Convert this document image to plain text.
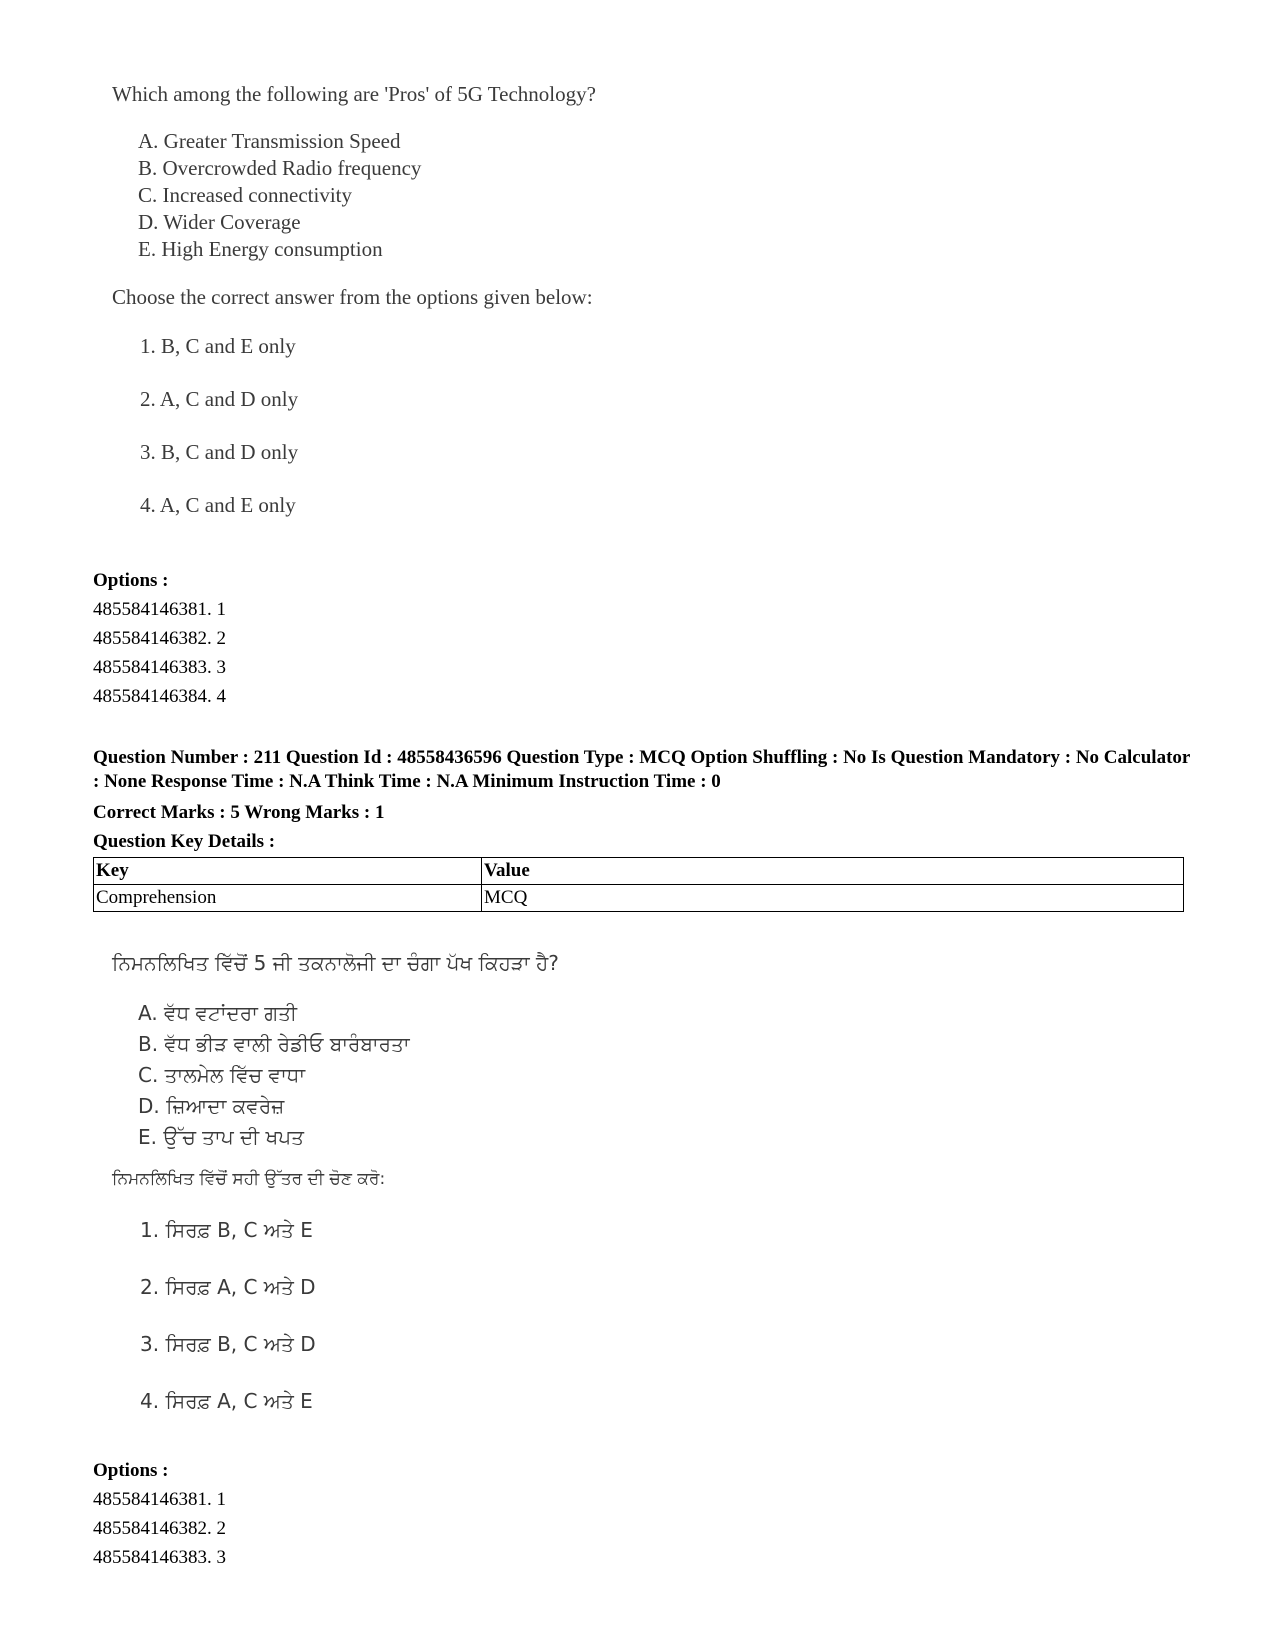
Which among the following are 'Pros' of 5G Technology?

A. Greater Transmission Speed
B. Overcrowded Radio frequency
C. Increased connectivity
D. Wider Coverage
E. High Energy consumption

Choose the correct answer from the options given below:

1. B, C and E only
2. A, C and D only
3. B, C and D only
4. A, C and E only
Options :
485584146381. 1
485584146382. 2
485584146383. 3
485584146384. 4
Question Number : 211 Question Id : 48558436596 Question Type : MCQ Option Shuffling : No Is Question Mandatory : No Calculator : None Response Time : N.A Think Time : N.A Minimum Instruction Time : 0
Correct Marks : 5 Wrong Marks : 1
Question Key Details :
Key	Value
Comprehension	MCQ

ਨਿਮਨਲਿਖਿਤ ਵਿੱਚੋਂ 5 ਜੀ ਤਕਨਾਲੋਜੀ ਦਾ ਚੰਗਾ ਪੱਖ ਕਿਹੜਾ ਹੈ?

A. ਵੱਧ ਵਟਾਂਦਰਾ ਗਤੀ
B. ਵੱਧ ਭੀੜ ਵਾਲੀ ਰੇਡੀਓ ਬਾਰੰਬਾਰਤਾ
C. ਤਾਲਮੇਲ ਵਿੱਚ ਵਾਧਾ
D. ਜ਼ਿਆਦਾ ਕਵਰੇਜ਼
E. ਉੱਚ ਤਾਪ ਦੀ ਖਪਤ

ਨਿਮਨਲਿਖਿਤ ਵਿੱਚੋਂ ਸਹੀ ਉੱਤਰ ਦੀ ਚੋਣ ਕਰੋ:

1. ਸਿਰਫ਼ B, C ਅਤੇ E
2. ਸਿਰਫ਼ A, C ਅਤੇ D
3. ਸਿਰਫ਼ B, C ਅਤੇ D
4. ਸਿਰਫ਼ A, C ਅਤੇ E
Options :
485584146381. 1
485584146382. 2
485584146383. 3
